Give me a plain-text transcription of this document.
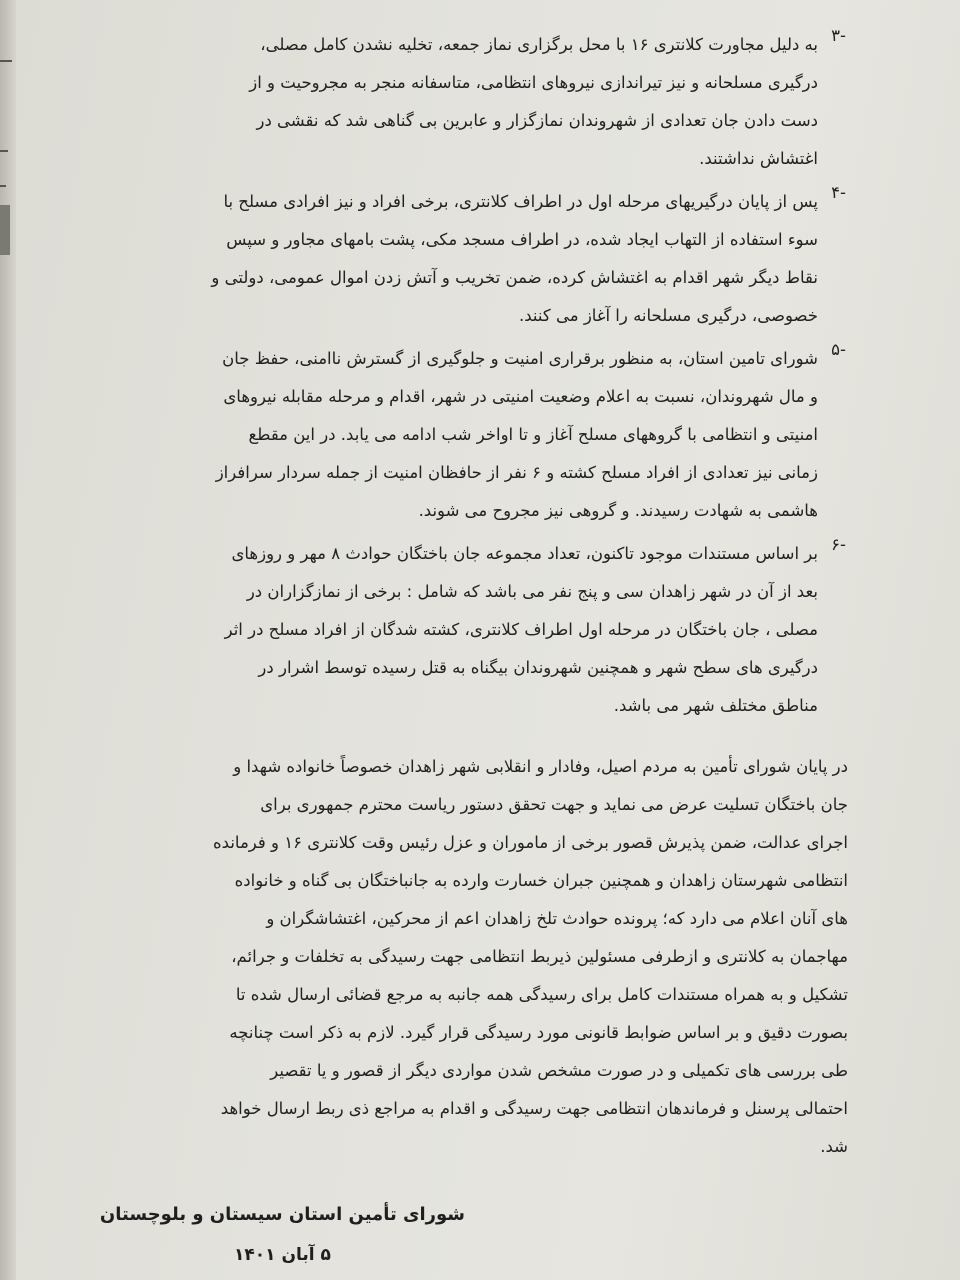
-۳
به دلیل مجاورت کلانتری ۱۶ با محل برگزاری نماز جمعه، تخلیه نشدن کامل مصلی،
درگیری مسلحانه و نیز تیراندازی نیروهای انتظامی، متاسفانه منجر به مجروحیت و از
دست دادن جان تعدادی از شهروندان نمازگزار و عابرین بی گناهی شد که نقشی در
اغتشاش نداشتند.
-۴
پس از پایان درگیریهای مرحله اول در اطراف کلانتری، برخی افراد و نیز افرادی مسلح با
سوء استفاده از التهاب ایجاد شده، در اطراف مسجد مکی، پشت بامهای مجاور و سپس
نقاط دیگر شهر اقدام به اغتشاش کرده، ضمن تخریب و آتش زدن اموال عمومی، دولتی و
خصوصی، درگیری مسلحانه را آغاز می کنند.
-۵
شورای تامین استان، به منظور برقراری امنیت و جلوگیری از گسترش ناامنی، حفظ جان
و مال شهروندان، نسبت به اعلام وضعیت امنیتی در شهر، اقدام و مرحله مقابله نیروهای
امنیتی و انتظامی با گروههای مسلح آغاز و تا اواخر شب ادامه می یابد. در این مقطع
زمانی نیز تعدادی از افراد مسلح کشته و ۶ نفر از حافظان امنیت از جمله سردار سرافراز
هاشمی به شهادت رسیدند. و گروهی نیز مجروح می شوند.
-۶
بر اساس مستندات موجود تاکنون، تعداد مجموعه جان باختگان حوادث ۸ مهر و روزهای
بعد از آن در شهر زاهدان سی و پنج نفر می باشد که شامل : برخی از نمازگزاران در
مصلی ، جان باختگان در مرحله اول اطراف کلانتری، کشته شدگان از افراد مسلح در اثر
درگیری های سطح شهر و همچنین شهروندان بیگناه به قتل رسیده توسط اشرار در
مناطق مختلف شهر می باشد.
در پایان شورای تأمین به مردم اصیل، وفادار و انقلابی شهر زاهدان خصوصاً خانواده شهدا و
جان باختگان تسلیت عرض می نماید و جهت تحقق دستور ریاست محترم جمهوری برای
اجرای عدالت، ضمن پذیرش قصور برخی از ماموران و عزل رئیس وقت کلانتری ۱۶ و فرمانده
انتظامی شهرستان زاهدان و همچنین جبران خسارت وارده به جانباختگان بی گناه و خانواده
های آنان اعلام می دارد که؛ پرونده حوادث تلخ زاهدان اعم از محرکین، اغتشاشگران و
مهاجمان به کلانتری و ازطرفی مسئولین ذیربط انتظامی جهت رسیدگی به تخلفات و جرائم،
تشکیل و به همراه مستندات کامل برای رسیدگی همه جانبه به مرجع قضائی ارسال شده تا
بصورت دقیق و بر اساس ضوابط قانونی مورد رسیدگی قرار گیرد. لازم به ذکر است چنانچه
طی بررسی های تکمیلی و در صورت مشخص شدن مواردی دیگر از قصور و یا تقصیر
احتمالی پرسنل و فرماندهان انتظامی جهت رسیدگی و اقدام به مراجع ذی ربط ارسال خواهد
شد.
شورای تأمین استان سیستان و بلوچستان
۵ آبان ۱۴۰۱
